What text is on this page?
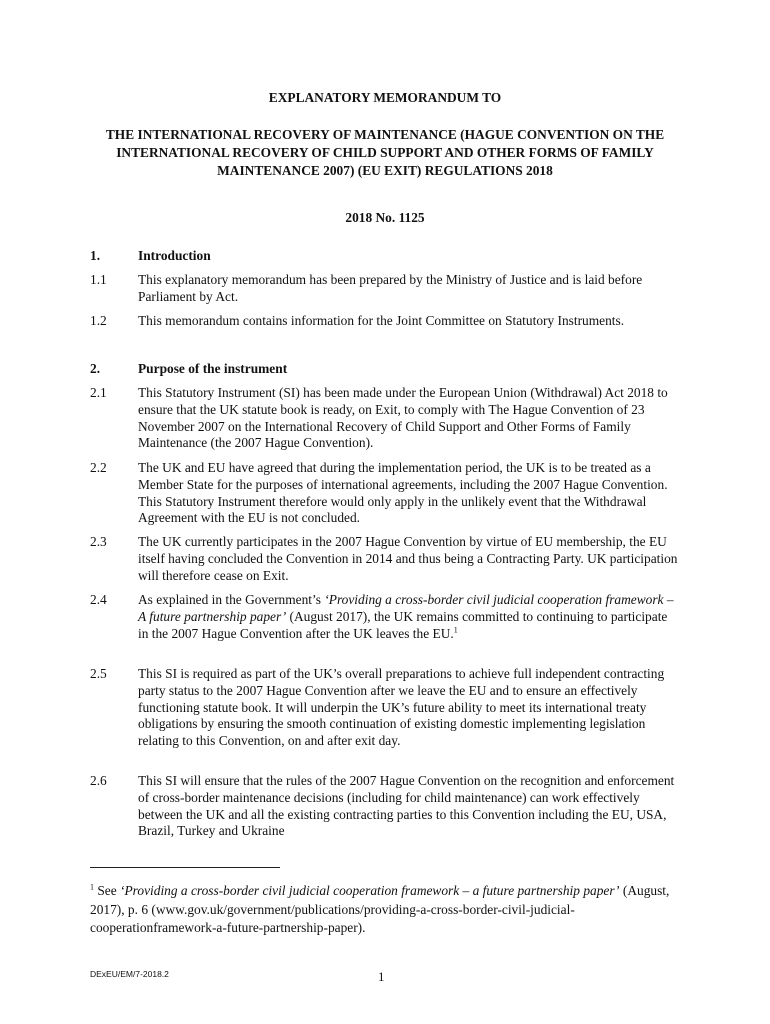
EXPLANATORY MEMORANDUM TO
THE INTERNATIONAL RECOVERY OF MAINTENANCE (HAGUE CONVENTION ON THE INTERNATIONAL RECOVERY OF CHILD SUPPORT AND OTHER FORMS OF FAMILY MAINTENANCE 2007) (EU EXIT) REGULATIONS 2018
2018 No. 1125
1.	Introduction
1.1 This explanatory memorandum has been prepared by the Ministry of Justice and is laid before Parliament by Act.
1.2 This memorandum contains information for the Joint Committee on Statutory Instruments.
2.	Purpose of the instrument
2.1 This Statutory Instrument (SI) has been made under the European Union (Withdrawal) Act 2018 to ensure that the UK statute book is ready, on Exit, to comply with The Hague Convention of 23 November 2007 on the International Recovery of Child Support and Other Forms of Family Maintenance (the 2007 Hague Convention).
2.2 The UK and EU have agreed that during the implementation period, the UK is to be treated as a Member State for the purposes of international agreements, including the 2007 Hague Convention. This Statutory Instrument therefore would only apply in the unlikely event that the Withdrawal Agreement with the EU is not concluded.
2.3 The UK currently participates in the 2007 Hague Convention by virtue of EU membership, the EU itself having concluded the Convention in 2014 and thus being a Contracting Party. UK participation will therefore cease on Exit.
2.4 As explained in the Government’s ‘Providing a cross-border civil judicial cooperation framework – A future partnership paper’ (August 2017), the UK remains committed to continuing to participate in the 2007 Hague Convention after the UK leaves the EU.$^1$
2.5 This SI is required as part of the UK’s overall preparations to achieve full independent contracting party status to the 2007 Hague Convention after we leave the EU and to ensure an effectively functioning statute book. It will underpin the UK’s future ability to meet its international treaty obligations by ensuring the smooth continuation of existing domestic implementing legislation relating to this Convention, on and after exit day.
2.6 This SI will ensure that the rules of the 2007 Hague Convention on the recognition and enforcement of cross-border maintenance decisions (including for child maintenance) can work effectively between the UK and all the existing contracting parties to this Convention including the EU, USA, Brazil, Turkey and Ukraine
$^1$ See ‘Providing a cross-border civil judicial cooperation framework – a future partnership paper’ (August, 2017), p. 6 (www.gov.uk/government/publications/providing-a-cross-border-civil-judicial-cooperationframework-a-future-partnership-paper).
DExEU/EM/7-2018.2	1
